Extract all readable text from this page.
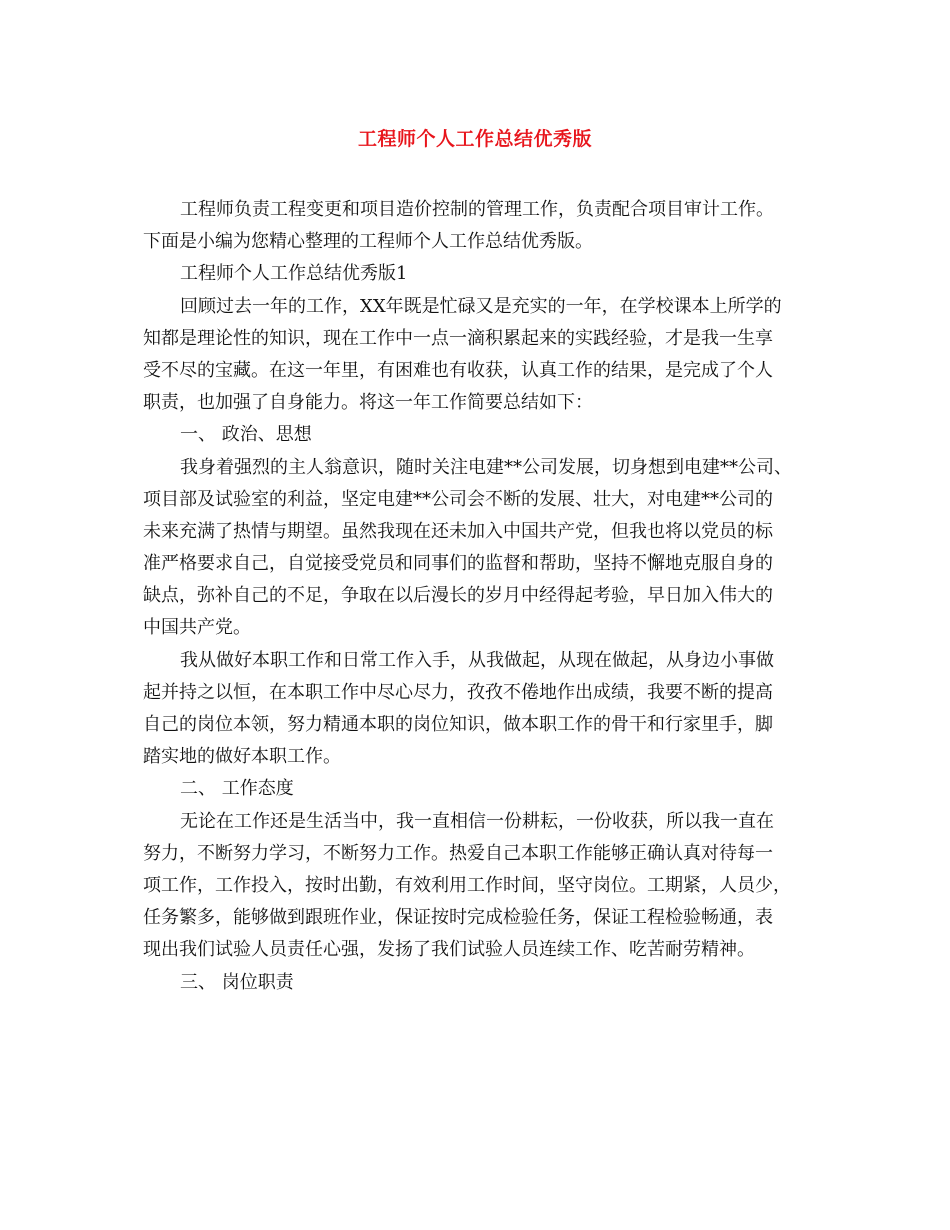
工程师个人工作总结优秀版
工程师负责工程变更和项目造价控制的管理工作，负责配合项目审计工作。
下面是小编为您精心整理的工程师个人工作总结优秀版。
工程师个人工作总结优秀版1
回顾过去一年的工作，XX年既是忙碌又是充实的一年，在学校课本上所学的
知都是理论性的知识，现在工作中一点一滴积累起来的实践经验，才是我一生享
受不尽的宝藏。在这一年里，有困难也有收获，认真工作的结果，是完成了个人
职责，也加强了自身能力。将这一年工作简要总结如下：
一、 政治、思想
我身着强烈的主人翁意识，随时关注电建**公司发展，切身想到电建**公司、
项目部及试验室的利益，坚定电建**公司会不断的发展、壮大，对电建**公司的
未来充满了热情与期望。虽然我现在还未加入中国共产党，但我也将以党员的标
准严格要求自己，自觉接受党员和同事们的监督和帮助，坚持不懈地克服自身的
缺点，弥补自己的不足，争取在以后漫长的岁月中经得起考验，早日加入伟大的
中国共产党。
我从做好本职工作和日常工作入手，从我做起，从现在做起，从身边小事做
起并持之以恒，在本职工作中尽心尽力，孜孜不倦地作出成绩，我要不断的提高
自己的岗位本领，努力精通本职的岗位知识，做本职工作的骨干和行家里手，脚
踏实地的做好本职工作。
二、 工作态度
无论在工作还是生活当中，我一直相信一份耕耘，一份收获，所以我一直在
努力，不断努力学习，不断努力工作。热爱自己本职工作能够正确认真对待每一
项工作，工作投入，按时出勤，有效利用工作时间，坚守岗位。工期紧，人员少，
任务繁多，能够做到跟班作业，保证按时完成检验任务，保证工程检验畅通，表
现出我们试验人员责任心强，发扬了我们试验人员连续工作、吃苦耐劳精神。
三、 岗位职责
